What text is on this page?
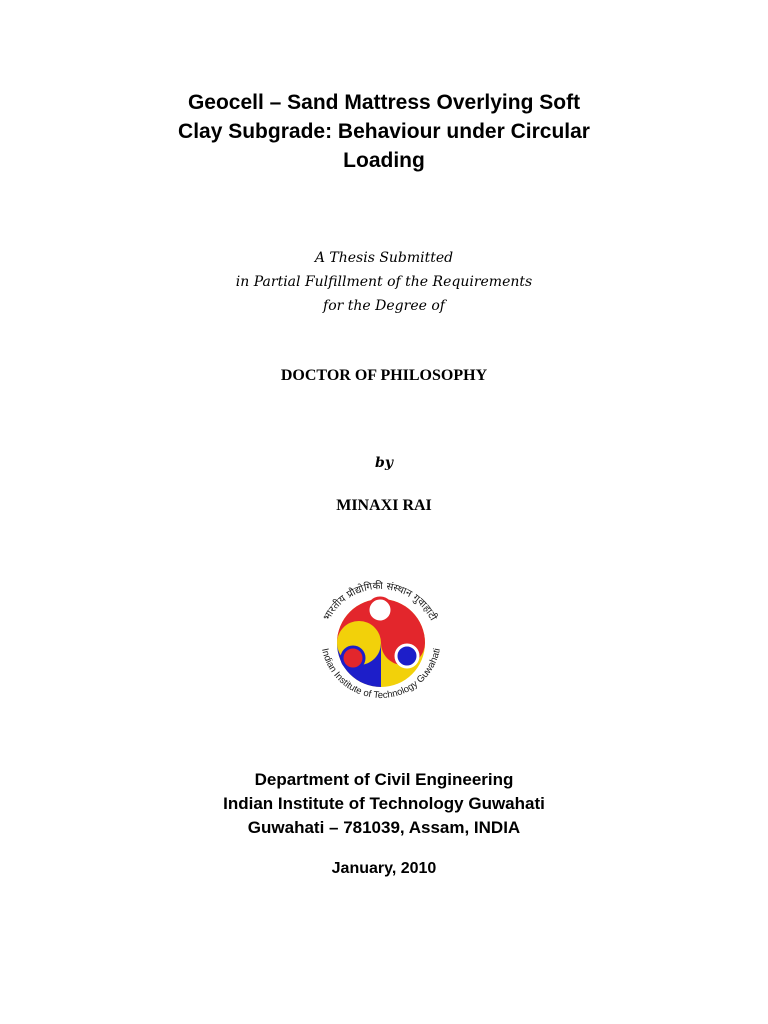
Geocell – Sand Mattress Overlying Soft
Clay Subgrade: Behaviour under Circular
Loading
A Thesis Submitted
in Partial Fulfillment of the Requirements
for the Degree of
DOCTOR OF PHILOSOPHY
by
MINAXI RAI
भारतीय प्रौद्योगिकी संस्थान गुवाहाटी
Indian Institute of Technology Guwahati
Department of Civil Engineering
Indian Institute of Technology Guwahati
Guwahati – 781039, Assam, INDIA
January, 2010
